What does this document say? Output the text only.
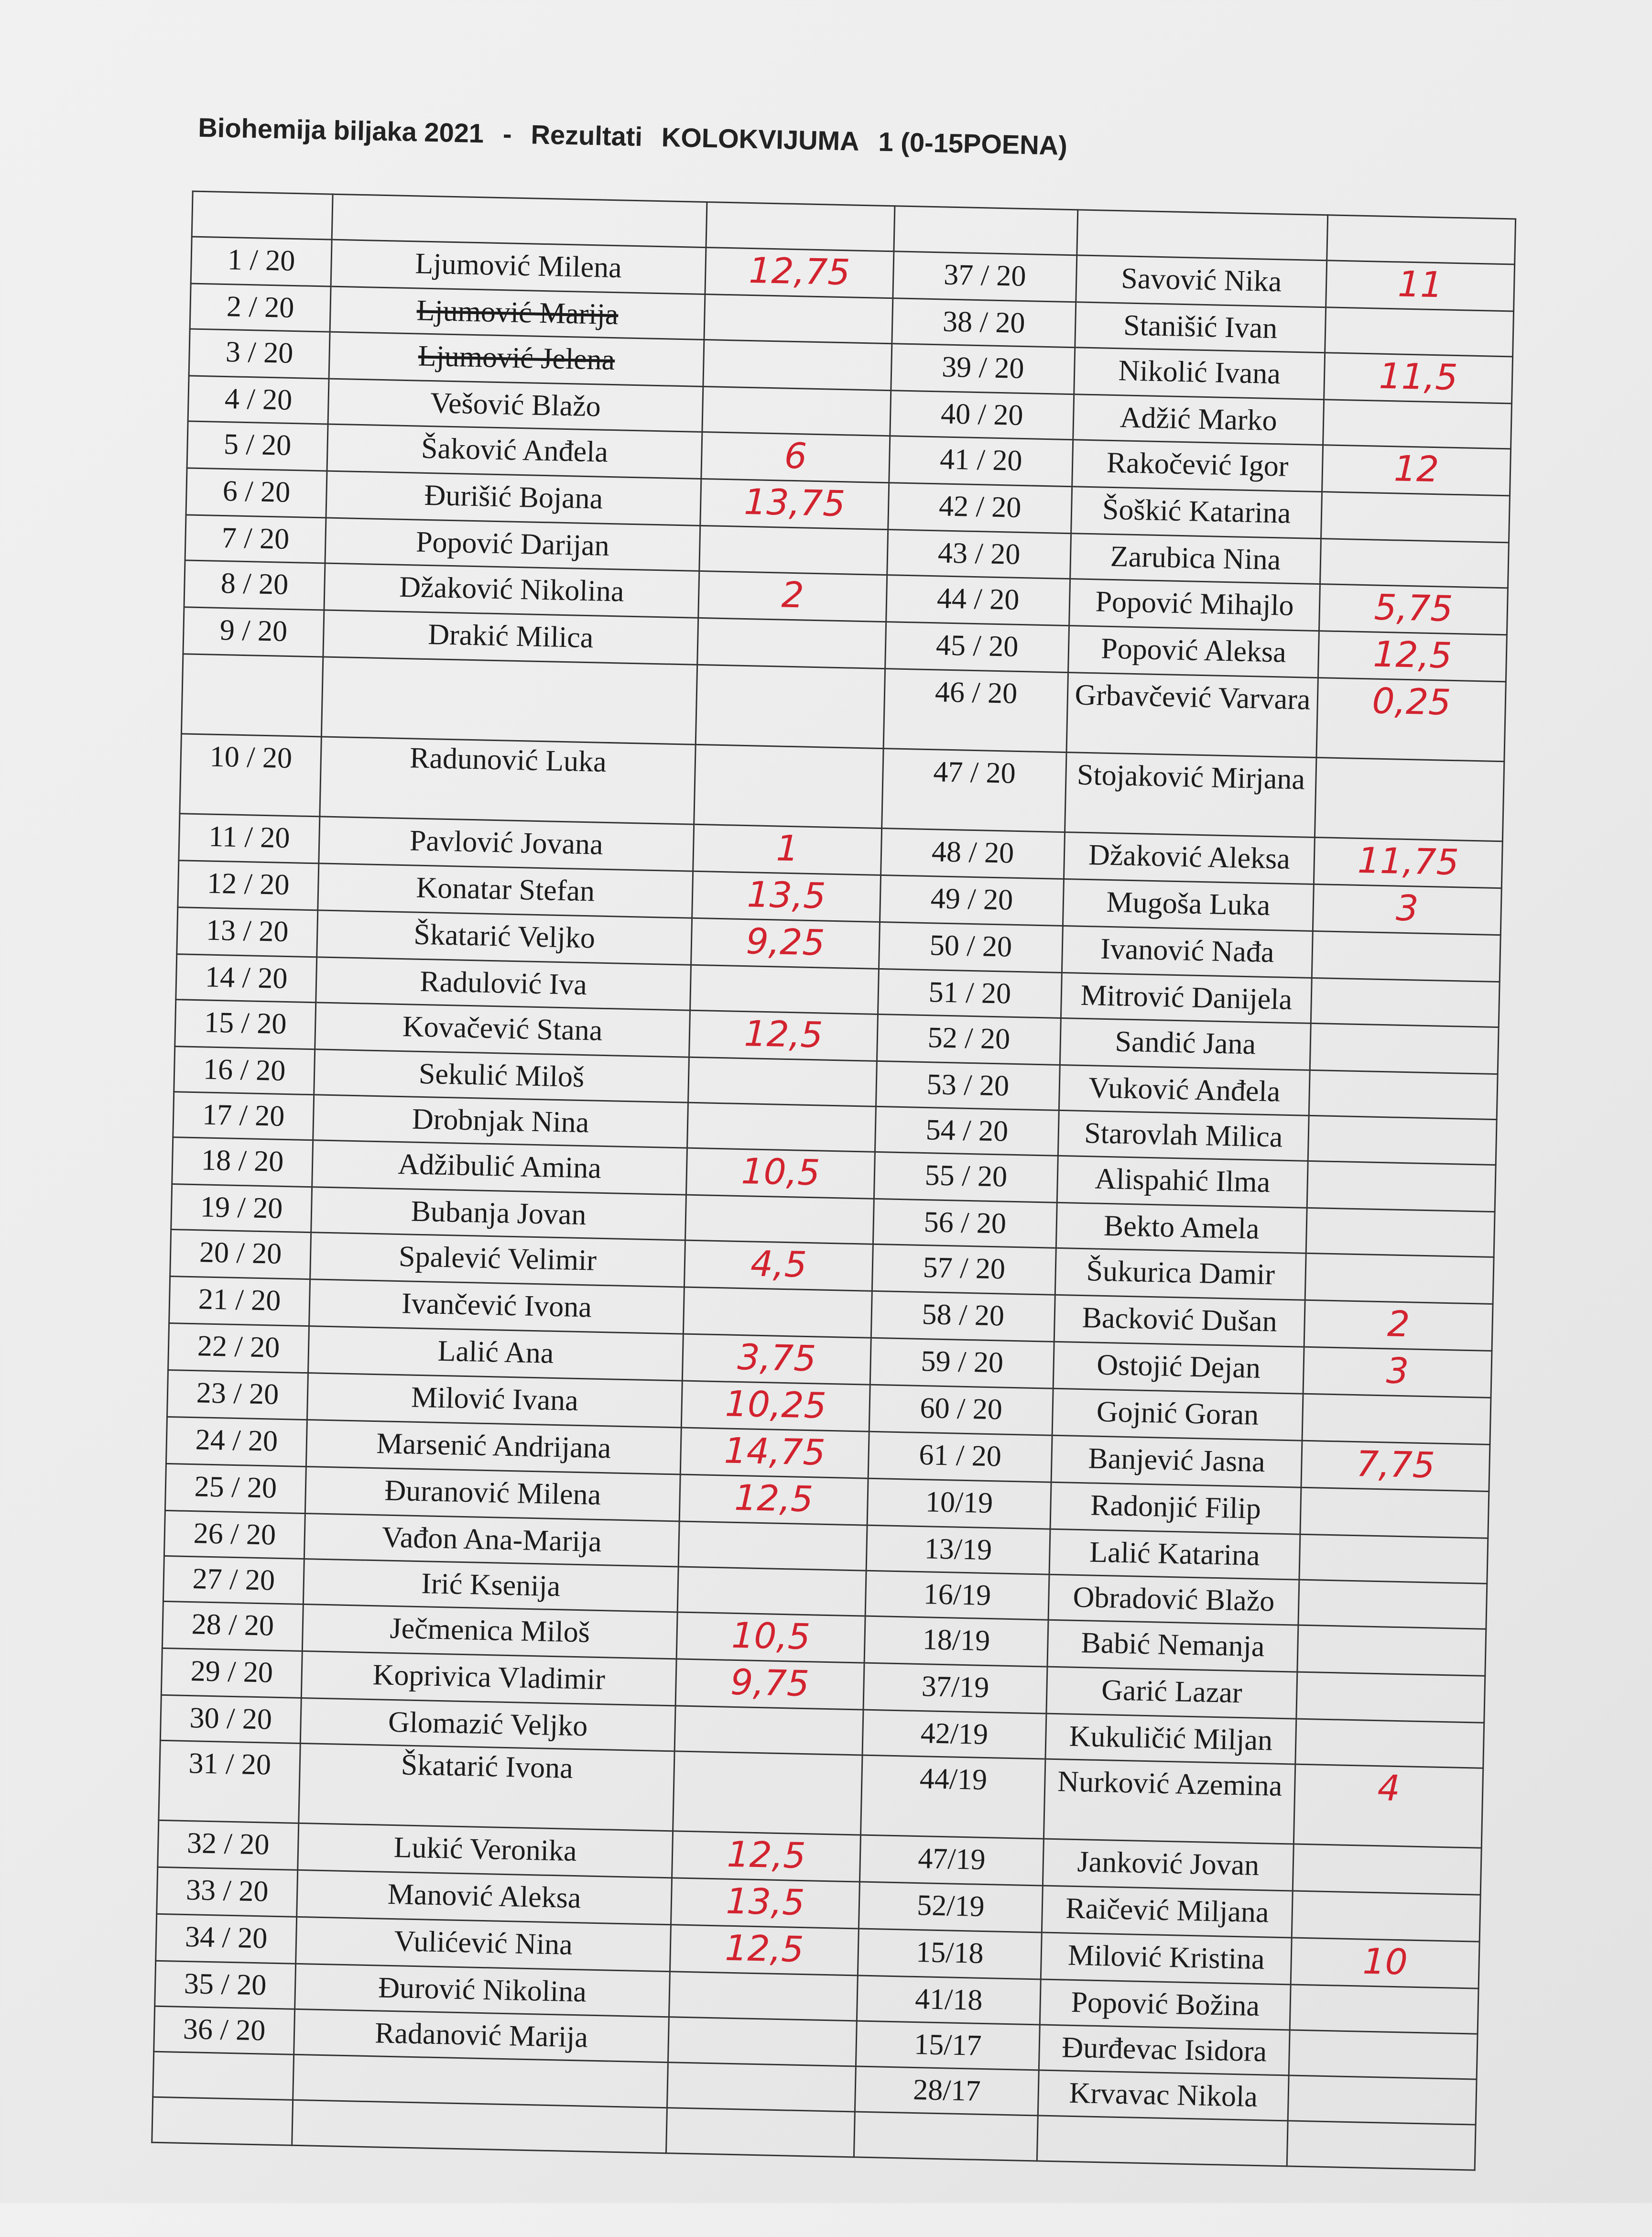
Biohemija biljaka 2021 - Rezultati KOLOKVIJUMA 1 (0-15POENA)

1 / 20	Ljumović Milena	12,75	37 / 20	Savović Nika	11
2 / 20	Ljumović Marija		38 / 20	Stanišić Ivan	
3 / 20	Ljumović Jelena		39 / 20	Nikolić Ivana	11,5
4 / 20	Vešović Blažo		40 / 20	Adžić Marko	
5 / 20	Šaković Anđela	6	41 / 20	Rakočević Igor	12
6 / 20	Đurišić Bojana	13,75	42 / 20	Šoškić Katarina	
7 / 20	Popović Darijan		43 / 20	Zarubica Nina	
8 / 20	Džaković Nikolina	2	44 / 20	Popović Mihajlo	5,75
9 / 20	Drakić Milica		45 / 20	Popović Aleksa	12,5
			46 / 20	Grbavčević Varvara	0,25
10 / 20	Radunović Luka		47 / 20	Stojaković Mirjana	
11 / 20	Pavlović Jovana	1	48 / 20	Džaković Aleksa	11,75
12 / 20	Konatar Stefan	13,5	49 / 20	Mugoša Luka	3
13 / 20	Škatarić Veljko	9,25	50 / 20	Ivanović Nađa	
14 / 20	Radulović Iva		51 / 20	Mitrović Danijela	
15 / 20	Kovačević Stana	12,5	52 / 20	Sandić Jana	
16 / 20	Sekulić Miloš		53 / 20	Vuković Anđela	
17 / 20	Drobnjak Nina		54 / 20	Starovlah Milica	
18 / 20	Adžibulić Amina	10,5	55 / 20	Alispahić Ilma	
19 / 20	Bubanja Jovan		56 / 20	Bekto Amela	
20 / 20	Spalević Velimir	4,5	57 / 20	Šukurica Damir	
21 / 20	Ivančević Ivona		58 / 20	Backović Dušan	2
22 / 20	Lalić Ana	3,75	59 / 20	Ostojić Dejan	3
23 / 20	Milović Ivana	10,25	60 / 20	Gojnić Goran	
24 / 20	Marsenić Andrijana	14,75	61 / 20	Banjević Jasna	7,75
25 / 20	Đuranović Milena	12,5	10/19	Radonjić Filip	
26 / 20	Vađon Ana-Marija		13/19	Lalić Katarina	
27 / 20	Irić Ksenija		16/19	Obradović Blažo	
28 / 20	Ječmenica Miloš	10,5	18/19	Babić Nemanja	
29 / 20	Koprivica Vladimir	9,75	37/19	Garić Lazar	
30 / 20	Glomazić Veljko		42/19	Kukuličić Miljan	
31 / 20	Škatarić Ivona		44/19	Nurković Azemina	4
32 / 20	Lukić Veronika	12,5	47/19	Janković Jovan	
33 / 20	Manović Aleksa	13,5	52/19	Raičević Miljana	
34 / 20	Vulićević Nina	12,5	15/18	Milović Kristina	10
35 / 20	Đurović Nikolina		41/18	Popović Božina	
36 / 20	Radanović Marija		15/17	Đurđevac Isidora	
			28/17	Krvavac Nikola	
